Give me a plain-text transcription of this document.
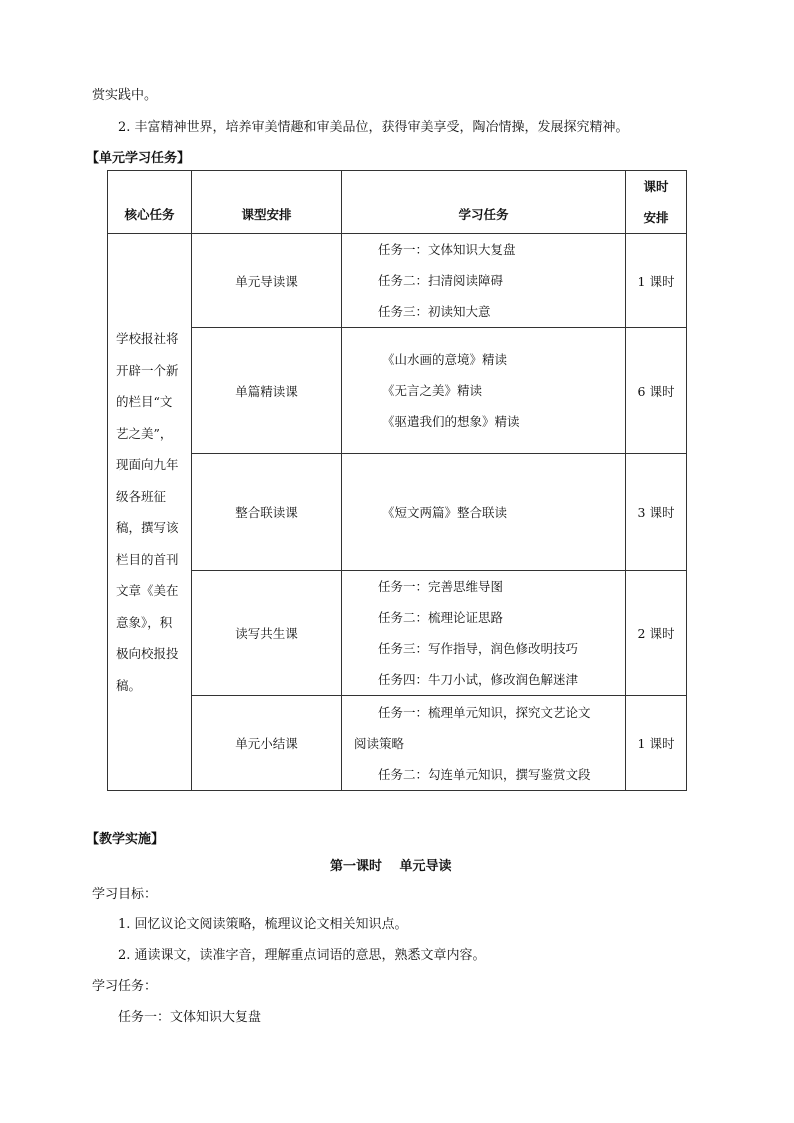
赏实践中。
2. 丰富精神世界，培养审美情趣和审美品位，获得审美享受，陶冶情操，发展探究精神。
【单元学习任务】
核心任务	课型安排	学习任务	课时
安排

学校报社将开辟一个新的栏目“文艺之美”，现面向九年级各班征稿，撰写该栏目的首刊文章《美在意象》，积极向校报投稿。	单元导读课	任务一：文体知识大复盘
任务二：扫清阅读障碍
任务三：初读知大意	1 课时
	单篇精读课	《山水画的意境》精读
《无言之美》精读
《驱遣我们的想象》精读	6 课时
	整合联读课	《短文两篇》整合联读	3 课时
	读写共生课	任务一：完善思维导图
任务二：梳理论证思路
任务三：写作指导，润色修改明技巧
任务四：牛刀小试，修改润色解迷津	2 课时
	单元小结课	任务一：梳理单元知识，探究文艺论文
阅读策略
任务二：勾连单元知识，撰写鉴赏文段	1 课时
【教学实施】
第一课时　 单元导读
学习目标：
1. 回忆议论文阅读策略，梳理议论文相关知识点。
2. 通读课文，读准字音，理解重点词语的意思，熟悉文章内容。
学习任务：
任务一：文体知识大复盘
